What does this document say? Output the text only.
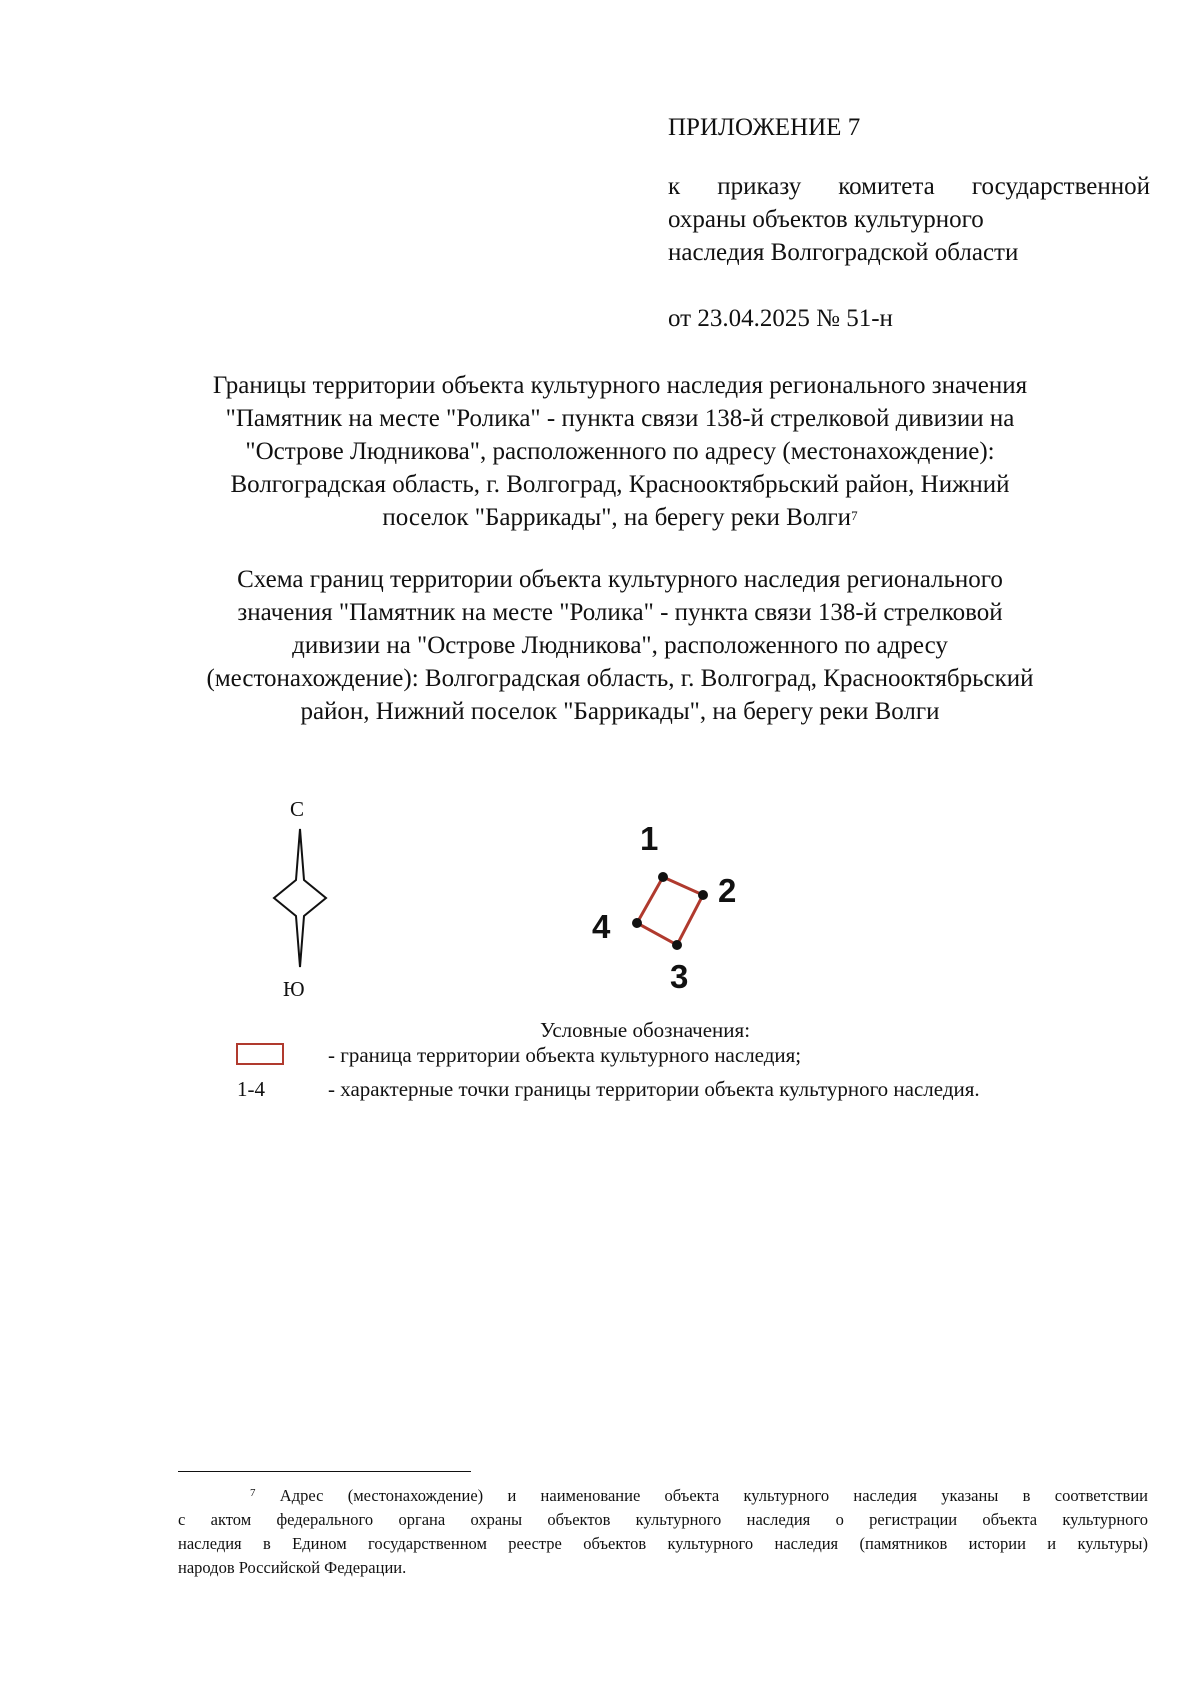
ПРИЛОЖЕНИЕ 7
к приказу комитета государственной
охраны объектов культурного
наследия Волгоградской области
от 23.04.2025 № 51-н
Границы территории объекта культурного наследия регионального значения
"Памятник на месте "Ролика" - пункта связи 138-й стрелковой дивизии на
"Острове Людникова", расположенного по адресу (местонахождение):
Волгоградская область, г. Волгоград, Краснооктябрьский район, Нижний
поселок "Баррикады", на берегу реки Волги$^7$
Схема границ территории объекта культурного наследия регионального
значения "Памятник на месте "Ролика" - пункта связи 138-й стрелковой
дивизии на "Острове Людникова", расположенного по адресу
(местонахождение): Волгоградская область, г. Волгоград, Краснооктябрьский
район, Нижний поселок "Баррикады", на берегу реки Волги
С
Ю
1
2
3
4
Условные обозначения:
- граница территории объекта культурного наследия;
1-4	- характерные точки границы территории объекта культурного наследия.
$^7$ Адрес (местонахождение) и наименование объекта культурного наследия указаны в соответствии
с актом федерального органа охраны объектов культурного наследия о регистрации объекта культурного
наследия в Едином государственном реестре объектов культурного наследия (памятников истории и культуры)
народов Российской Федерации.
